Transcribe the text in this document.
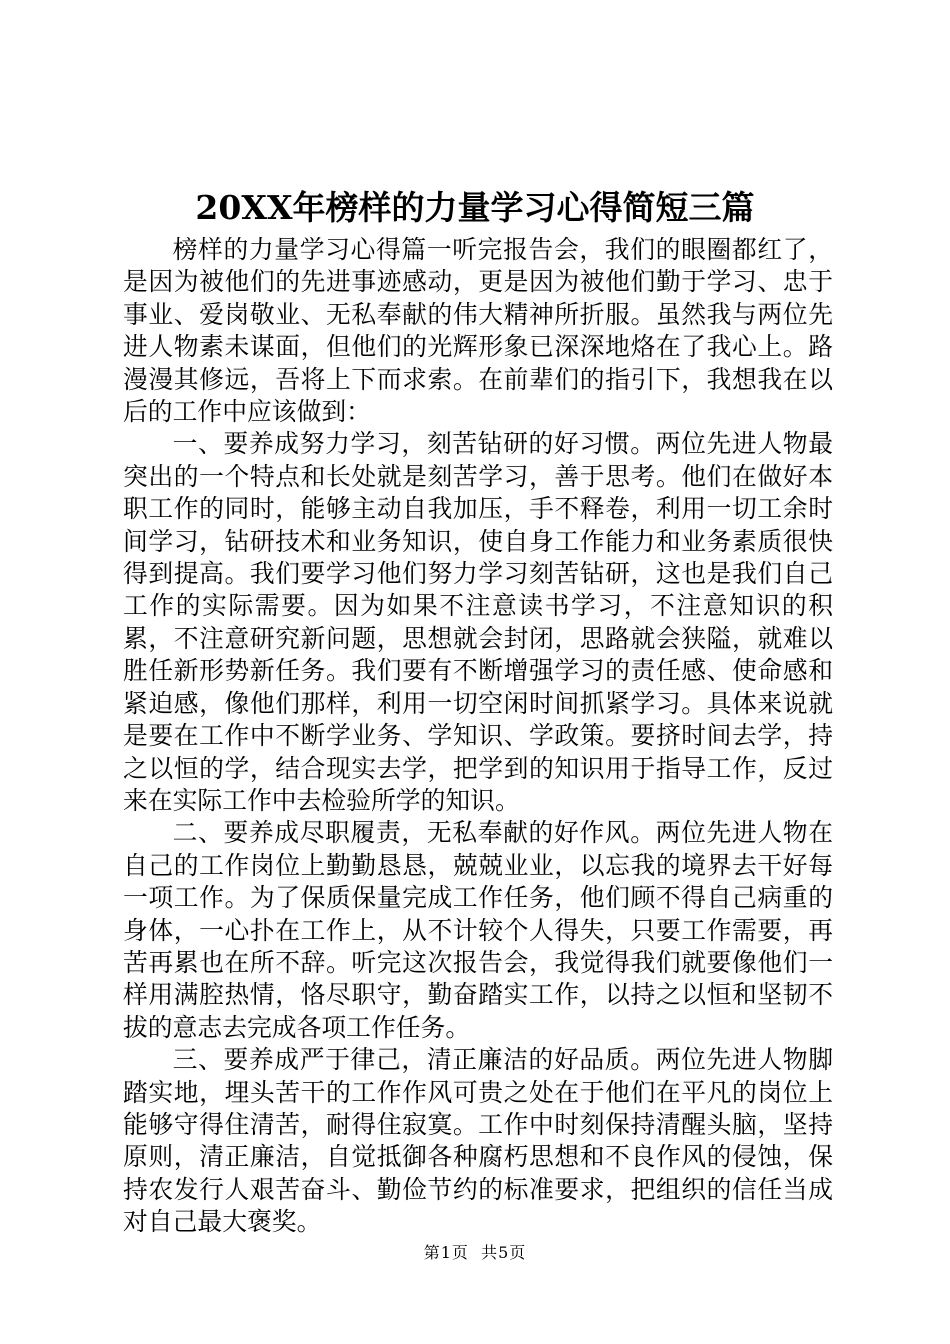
20XX年榜样的力量学习心得简短三篇

榜样的力量学习心得篇一听完报告会，我们的眼圈都红了，是因为被他们的先进事迹感动，更是因为被他们勤于学习、忠于事业、爱岗敬业、无私奉献的伟大精神所折服。虽然我与两位先进人物素未谋面，但他们的光辉形象已深深地烙在了我心上。路漫漫其修远，吾将上下而求索。在前辈们的指引下，我想我在以后的工作中应该做到：

一、要养成努力学习，刻苦钻研的好习惯。两位先进人物最突出的一个特点和长处就是刻苦学习，善于思考。他们在做好本职工作的同时，能够主动自我加压，手不释卷，利用一切工余时间学习，钻研技术和业务知识，使自身工作能力和业务素质很快得到提高。我们要学习他们努力学习刻苦钻研，这也是我们自己工作的实际需要。因为如果不注意读书学习，不注意知识的积累，不注意研究新问题，思想就会封闭，思路就会狭隘，就难以胜任新形势新任务。我们要有不断增强学习的责任感、使命感和紧迫感，像他们那样，利用一切空闲时间抓紧学习。具体来说就是要在工作中不断学业务、学知识、学政策。要挤时间去学，持之以恒的学，结合现实去学，把学到的知识用于指导工作，反过来在实际工作中去检验所学的知识。

二、要养成尽职履责，无私奉献的好作风。两位先进人物在自己的工作岗位上勤勤恳恳，兢兢业业，以忘我的境界去干好每一项工作。为了保质保量完成工作任务，他们顾不得自己病重的身体，一心扑在工作上，从不计较个人得失，只要工作需要，再苦再累也在所不辞。听完这次报告会，我觉得我们就要像他们一样用满腔热情，恪尽职守，勤奋踏实工作，以持之以恒和坚韧不拔的意志去完成各项工作任务。

三、要养成严于律己，清正廉洁的好品质。两位先进人物脚踏实地，埋头苦干的工作作风可贵之处在于他们在平凡的岗位上能够守得住清苦，耐得住寂寞。工作中时刻保持清醒头脑，坚持原则，清正廉洁，自觉抵御各种腐朽思想和不良作风的侵蚀，保持农发行人艰苦奋斗、勤俭节约的标准要求，把组织的信任当成对自己最大褒奖。

第1页 共5页
